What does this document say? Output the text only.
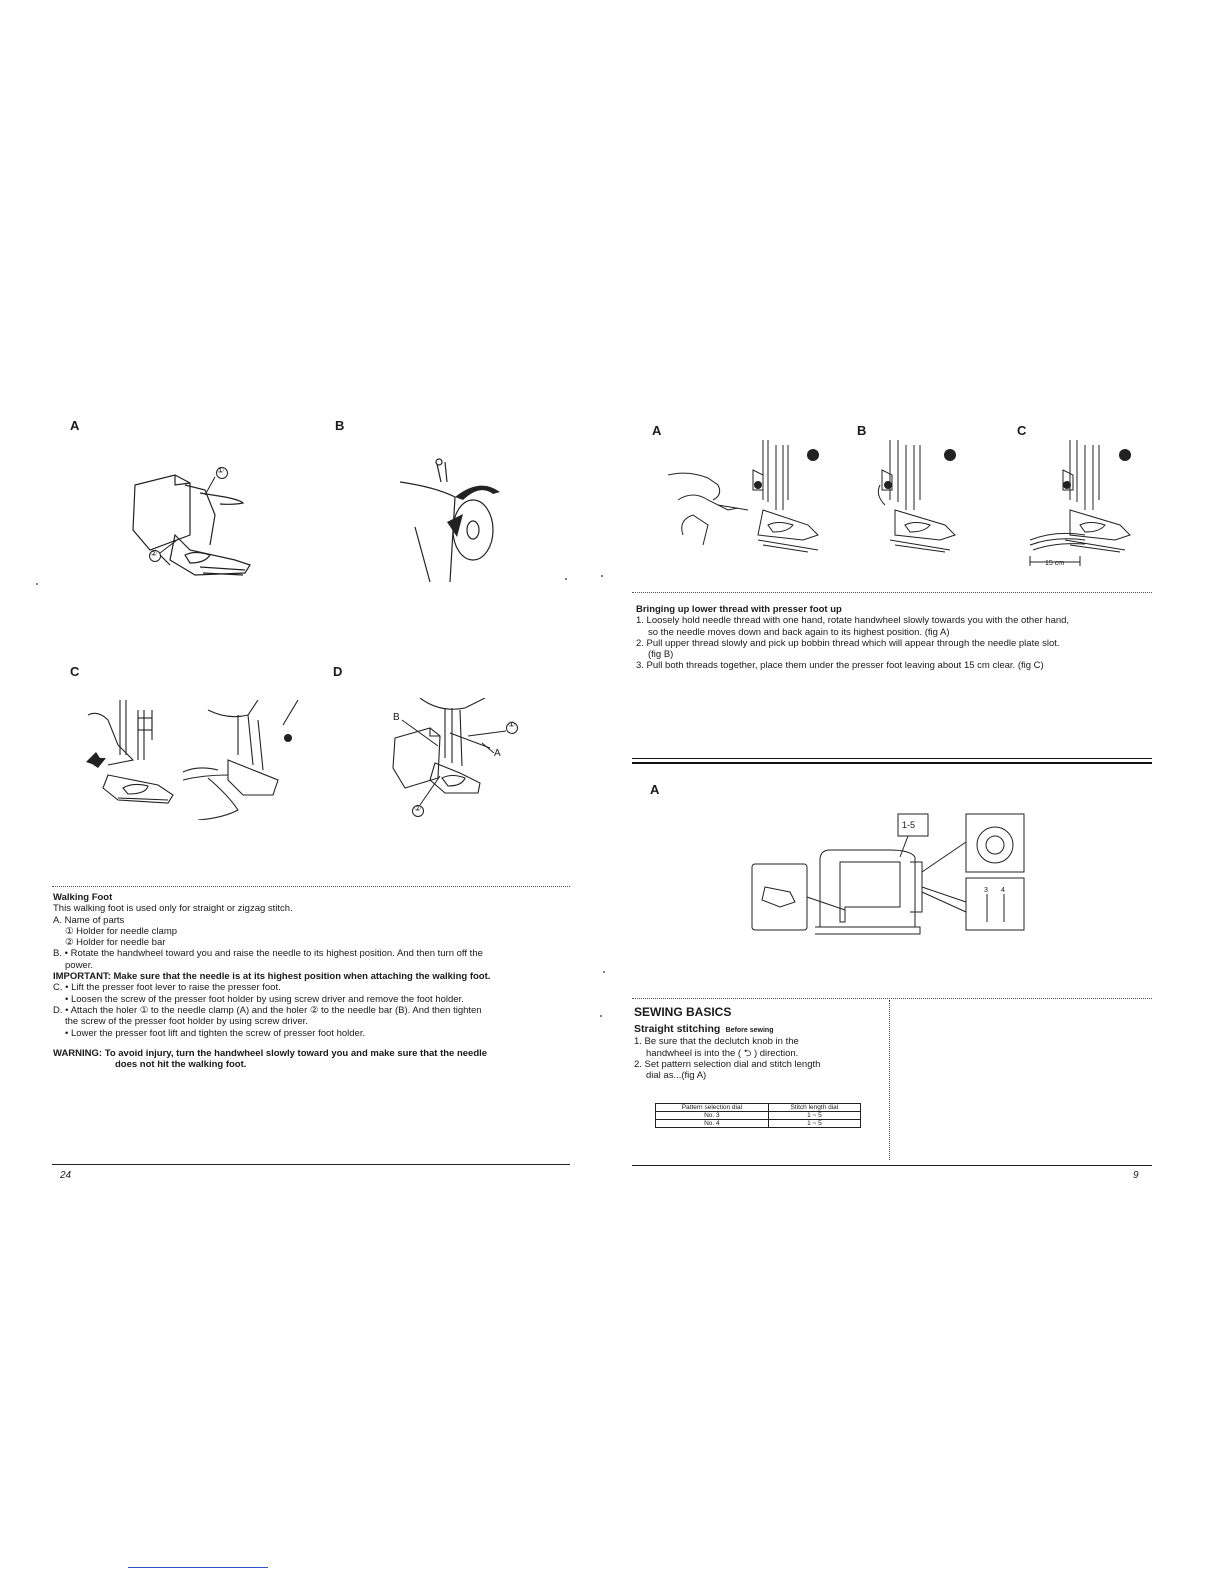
A	B
C	D
①
②
①
②
B
A
Walking Foot
This walking foot is used only for straight or zigzag stitch.
A. Name of parts
① Holder for needle clamp
② Holder for needle bar
B. • Rotate the handwheel toward you and raise the needle to its highest position. And then turn off the
power.
IMPORTANT: Make sure that the needle is at its highest position when attaching the walking foot.
C. • Lift the presser foot lever to raise the presser foot.
• Loosen the screw of the presser foot holder by using screw driver and remove the foot holder.
D. • Attach the holer ① to the needle clamp (A) and the holer ② to the needle bar (B). And then tighten
the screw of the presser foot holder by using screw driver.
• Lower the presser foot lift and tighten the screw of presser foot holder.
WARNING: To avoid injury, turn the handwheel slowly toward you and make sure that the needle
does not hit the walking foot.
24
A	B	C
15 cm
Bringing up lower thread with presser foot up
1. Loosely hold needle thread with one hand, rotate handwheel slowly towards you with the other hand,
so the needle moves down and back again to its highest position. (fig A)
2. Pull upper thread slowly and pick up bobbin thread which will appear through the needle plate slot.
(fig B)
3. Pull both threads together, place them under the presser foot leaving about 15 cm clear. (fig C)
A
1-5
3 4
SEWING BASICS
Straight stitching Before sewing
1. Be sure that the declutch knob in the
handwheel is into the ( ⮌ ) direction.
2. Set pattern selection dial and stitch length
dial as...(fig A)
Pattern selection dial	Stitch length dial
No. 3	1 ~ 5
No. 4	1 ~ 5
9
